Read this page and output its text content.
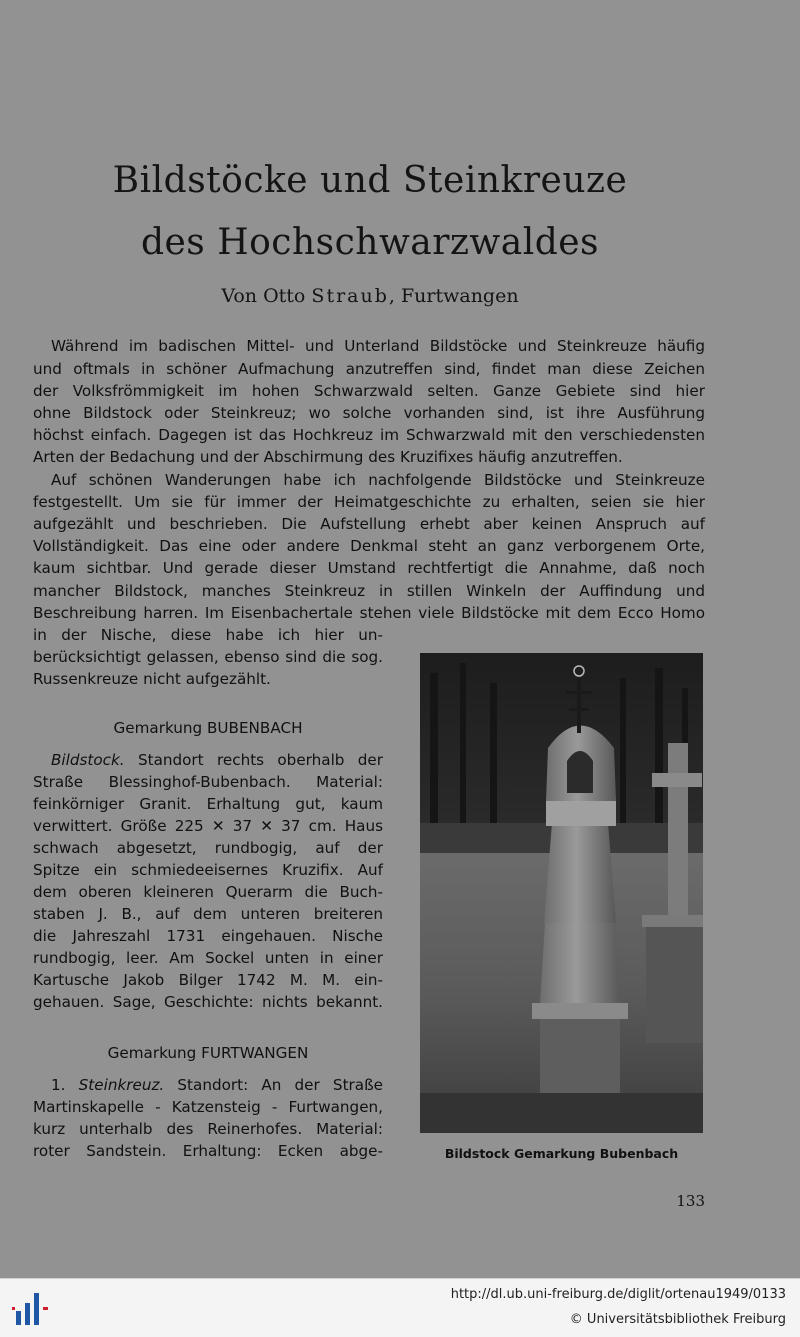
Bildstöcke und Steinkreuze
des Hochschwarzwaldes
Von Otto Straub, Furtwangen
Während im badischen Mittel- und Unterland Bildstöcke und Steinkreuze häufig
und oftmals in schöner Aufmachung anzutreffen sind, findet man diese Zeichen
der Volksfrömmigkeit im hohen Schwarzwald selten. Ganze Gebiete sind hier
ohne Bildstock oder Steinkreuz; wo solche vorhanden sind, ist ihre Ausführung
höchst einfach. Dagegen ist das Hochkreuz im Schwarzwald mit den verschiedensten
Arten der Bedachung und der Abschirmung des Kruzifixes häufig anzutreffen.
Auf schönen Wanderungen habe ich nachfolgende Bildstöcke und Steinkreuze
festgestellt. Um sie für immer der Heimatgeschichte zu erhalten, seien sie hier
aufgezählt und beschrieben. Die Aufstellung erhebt aber keinen Anspruch auf
Vollständigkeit. Das eine oder andere Denkmal steht an ganz verborgenem Orte,
kaum sichtbar. Und gerade dieser Umstand rechtfertigt die Annahme, daß noch
mancher Bildstock, manches Steinkreuz in stillen Winkeln der Auffindung und
Beschreibung harren. Im Eisenbachertale stehen viele Bildstöcke mit dem Ecco Homo
in der Nische, diese habe ich hier un-
berücksichtigt gelassen, ebenso sind die sog.
Russenkreuze nicht aufgezählt.
Gemarkung BUBENBACH
Bildstock. Standort rechts oberhalb der
Straße Blessinghof-Bubenbach. Material:
feinkörniger Granit. Erhaltung gut, kaum
verwittert. Größe 225 ✕ 37 ✕ 37 cm. Haus
schwach abgesetzt, rundbogig, auf der
Spitze ein schmiedeeisernes Kruzifix. Auf
dem oberen kleineren Querarm die Buch-
staben J. B., auf dem unteren breiteren
die Jahreszahl 1731 eingehauen. Nische
rundbogig, leer. Am Sockel unten in einer
Kartusche Jakob Bilger 1742 M. M. ein-
gehauen. Sage, Geschichte: nichts bekannt.
Gemarkung FURTWANGEN
1. Steinkreuz. Standort: An der Straße
Martinskapelle - Katzensteig - Furtwangen,
kurz unterhalb des Reinerhofes. Material:
roter Sandstein. Erhaltung: Ecken abge-	Bildstock Gemarkung Bubenbach
133
http://dl.ub.uni-freiburg.de/diglit/ortenau1949/0133
© Universitätsbibliothek Freiburg
